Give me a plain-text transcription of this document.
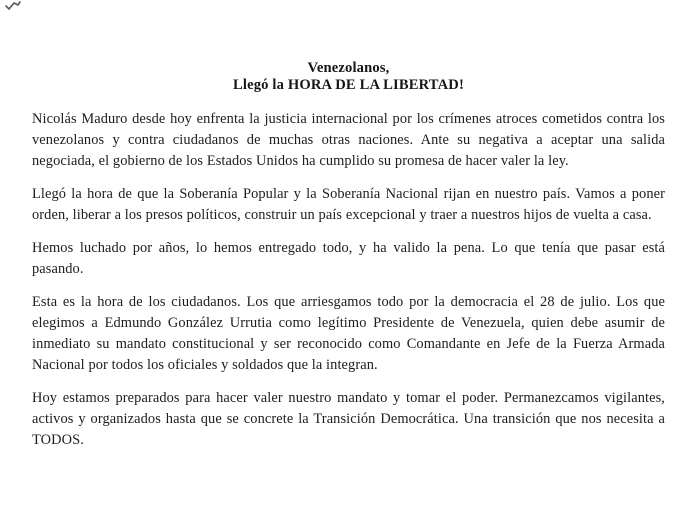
Venezolanos,
Llegó la HORA DE LA LIBERTAD!

Nicolás Maduro desde hoy enfrenta la justicia internacional por los crímenes atroces cometidos contra los venezolanos y contra ciudadanos de muchas otras naciones. Ante su negativa a aceptar una salida negociada, el gobierno de los Estados Unidos ha cumplido su promesa de hacer valer la ley.

Llegó la hora de que la Soberanía Popular y la Soberanía Nacional rijan en nuestro país. Vamos a poner orden, liberar a los presos políticos, construir un país excepcional y traer a nuestros hijos de vuelta a casa.

Hemos luchado por años, lo hemos entregado todo, y ha valido la pena. Lo que tenía que pasar está pasando.

Esta es la hora de los ciudadanos. Los que arriesgamos todo por la democracia el 28 de julio. Los que elegimos a Edmundo González Urrutia como legítimo Presidente de Venezuela, quien debe asumir de inmediato su mandato constitucional y ser reconocido como Comandante en Jefe de la Fuerza Armada Nacional por todos los oficiales y soldados que la integran.

Hoy estamos preparados para hacer valer nuestro mandato y tomar el poder. Permanezcamos vigilantes, activos y organizados hasta que se concrete la Transición Democrática. Una transición que nos necesita a TODOS.
